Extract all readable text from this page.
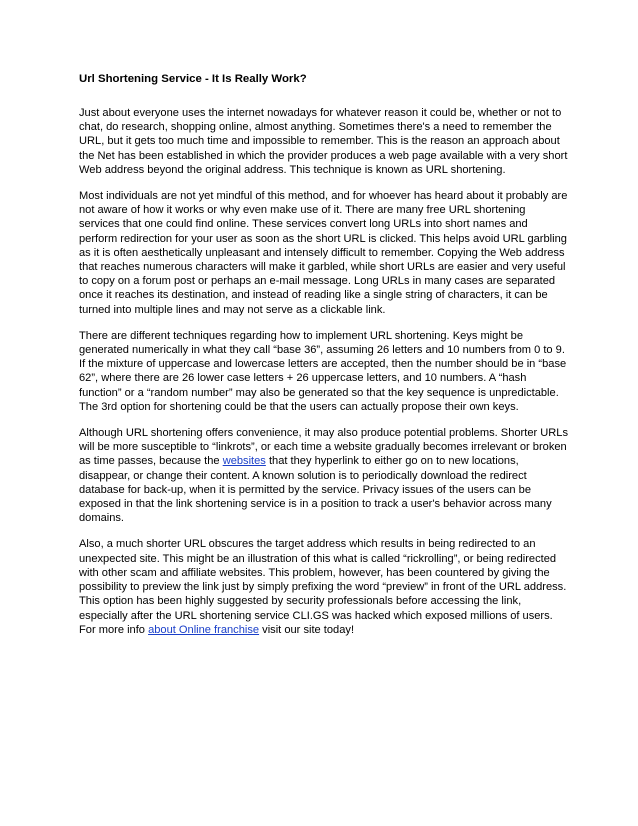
Url Shortening Service - It Is Really Work?

Just about everyone uses the internet nowadays for whatever reason it could be, whether or not to chat, do research, shopping online, almost anything. Sometimes there's a need to remember the URL, but it gets too much time and impossible to remember. This is the reason an approach about the Net has been established in which the provider produces a web page available with a very short Web address beyond the original address. This technique is known as URL shortening.

Most individuals are not yet mindful of this method, and for whoever has heard about it probably are not aware of how it works or why even make use of it. There are many free URL shortening services that one could find online. These services convert long URLs into short names and perform redirection for your user as soon as the short URL is clicked. This helps avoid URL garbling as it is often aesthetically unpleasant and intensely difficult to remember. Copying the Web address that reaches numerous characters will make it garbled, while short URLs are easier and very useful to copy on a forum post or perhaps an e-mail message. Long URLs in many cases are separated once it reaches its destination, and instead of reading like a single string of characters, it can be turned into multiple lines and may not serve as a clickable link.

There are different techniques regarding how to implement URL shortening. Keys might be generated numerically in what they call “base 36”, assuming 26 letters and 10 numbers from 0 to 9. If the mixture of uppercase and lowercase letters are accepted, then the number should be in “base 62”, where there are 26 lower case letters + 26 uppercase letters, and 10 numbers. A “hash function” or a “random number” may also be generated so that the key sequence is unpredictable. The 3rd option for shortening could be that the users can actually propose their own keys.

Although URL shortening offers convenience, it may also produce potential problems. Shorter URLs will be more susceptible to “linkrots”, or each time a website gradually becomes irrelevant or broken as time passes, because the websites that they hyperlink to either go on to new locations, disappear, or change their content. A known solution is to periodically download the redirect database for back-up, when it is permitted by the service. Privacy issues of the users can be exposed in that the link shortening service is in a position to track a user's behavior across many domains.

Also, a much shorter URL obscures the target address which results in being redirected to an unexpected site. This might be an illustration of this what is called “rickrolling”, or being redirected with other scam and affiliate websites. This problem, however, has been countered by giving the possibility to preview the link just by simply prefixing the word “preview” in front of the URL address. This option has been highly suggested by security professionals before accessing the link, especially after the URL shortening service CLI.GS was hacked which exposed millions of users. For more info about Online franchise visit our site today!
